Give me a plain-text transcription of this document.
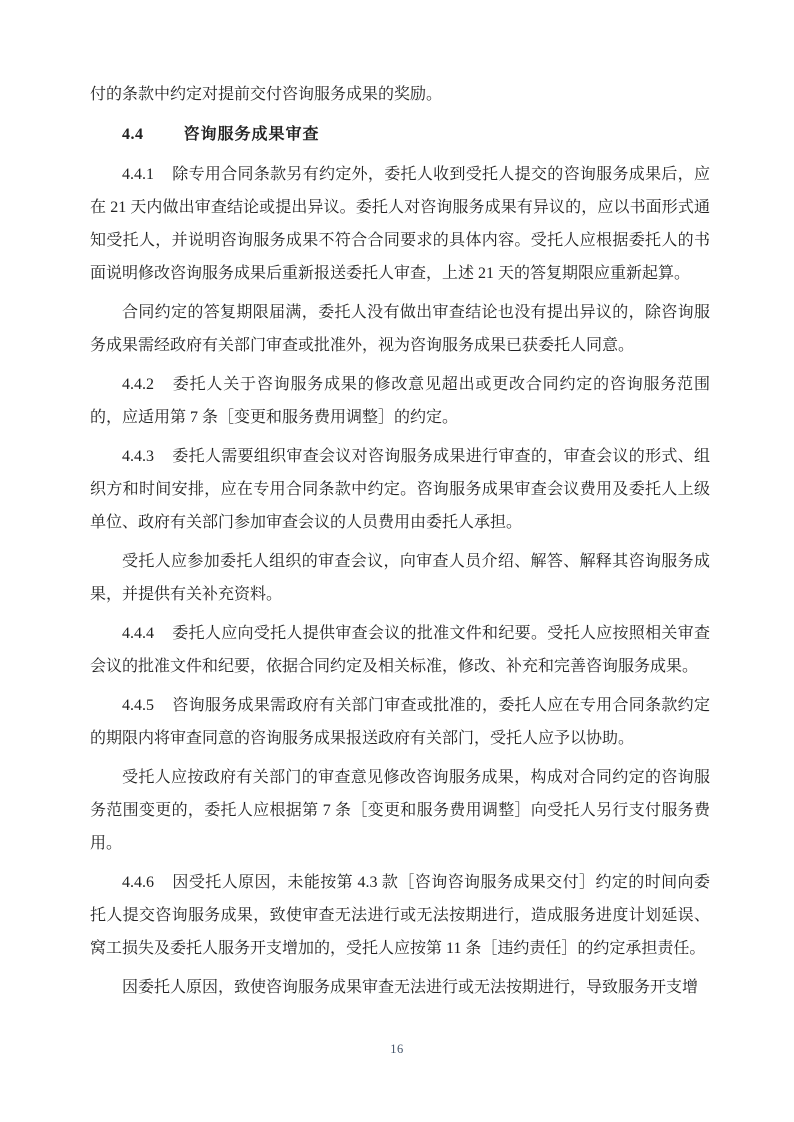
付的条款中约定对提前交付咨询服务成果的奖励。

4.4	咨询服务成果审查

4.4.1 除专用合同条款另有约定外，委托人收到受托人提交的咨询服务成果后，应在 21 天内做出审查结论或提出异议。委托人对咨询服务成果有异议的，应以书面形式通知受托人，并说明咨询服务成果不符合合同要求的具体内容。受托人应根据委托人的书面说明修改咨询服务成果后重新报送委托人审查，上述 21 天的答复期限应重新起算。

合同约定的答复期限届满，委托人没有做出审查结论也没有提出异议的，除咨询服务成果需经政府有关部门审查或批准外，视为咨询服务成果已获委托人同意。

4.4.2 委托人关于咨询服务成果的修改意见超出或更改合同约定的咨询服务范围的，应适用第 7 条［变更和服务费用调整］的约定。

4.4.3 委托人需要组织审查会议对咨询服务成果进行审查的，审查会议的形式、组织方和时间安排，应在专用合同条款中约定。咨询服务成果审查会议费用及委托人上级单位、政府有关部门参加审查会议的人员费用由委托人承担。

受托人应参加委托人组织的审查会议，向审查人员介绍、解答、解释其咨询服务成果，并提供有关补充资料。

4.4.4 委托人应向受托人提供审查会议的批准文件和纪要。受托人应按照相关审查会议的批准文件和纪要，依据合同约定及相关标准，修改、补充和完善咨询服务成果。

4.4.5 咨询服务成果需政府有关部门审查或批准的，委托人应在专用合同条款约定的期限内将审查同意的咨询服务成果报送政府有关部门，受托人应予以协助。

受托人应按政府有关部门的审查意见修改咨询服务成果，构成对合同约定的咨询服务范围变更的，委托人应根据第 7 条［变更和服务费用调整］向受托人另行支付服务费用。

4.4.6 因受托人原因，未能按第 4.3 款［咨询咨询服务成果交付］约定的时间向委托人提交咨询服务成果，致使审查无法进行或无法按期进行，造成服务进度计划延误、窝工损失及委托人服务开支增加的，受托人应按第 11 条［违约责任］的约定承担责任。

因委托人原因，致使咨询服务成果审查无法进行或无法按期进行，导致服务开支增

16
